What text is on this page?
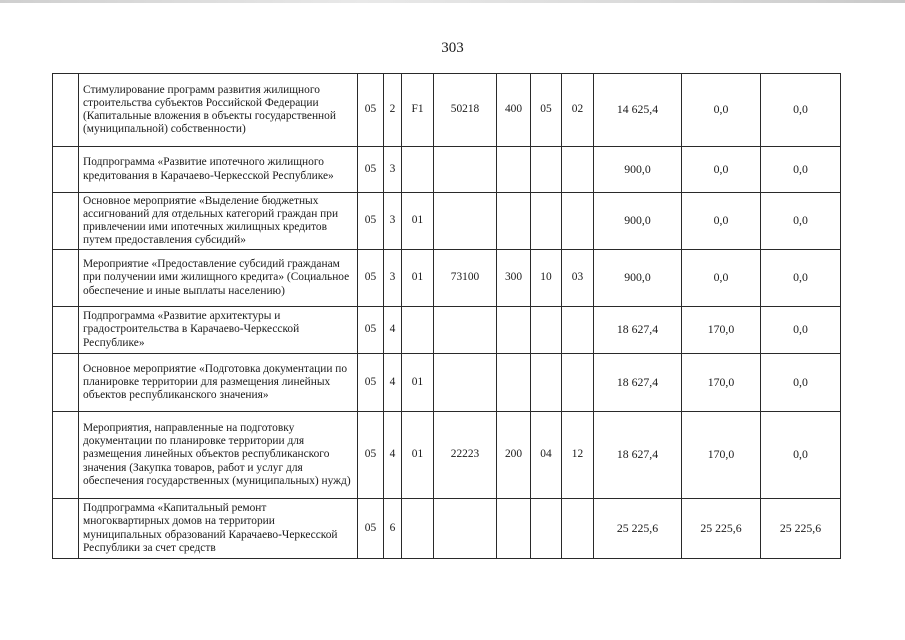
303
	Стимулирование программ развития жилищного строительства субъектов Российской Федерации (Капитальные вложения в объекты государственной (муниципальной) собственности)	05	2	F1	50218	400	05	02	14 625,4	0,0	0,0
	Подпрограмма «Развитие ипотечного жилищного кредитования в Карачаево-Черкесской Республике»	05	3						900,0	0,0	0,0
	Основное мероприятие «Выделение бюджетных ассигнований для отдельных категорий граждан при привлечении ими ипотечных жилищных кредитов путем предоставления субсидий»	05	3	01					900,0	0,0	0,0
	Мероприятие «Предоставление субсидий гражданам при получении ими жилищного кредита» (Социальное обеспечение и иные выплаты населению)	05	3	01	73100	300	10	03	900,0	0,0	0,0
	Подпрограмма «Развитие архитектуры и градостроительства в Карачаево-Черкесской Республике»	05	4						18 627,4	170,0	0,0
	Основное мероприятие «Подготовка документации по планировке территории для размещения линейных объектов республиканского значения»	05	4	01					18 627,4	170,0	0,0
	Мероприятия, направленные на подготовку документации по планировке территории для размещения линейных объектов республиканского значения (Закупка товаров, работ и услуг для обеспечения государственных (муниципальных) нужд)	05	4	01	22223	200	04	12	18 627,4	170,0	0,0
	Подпрограмма «Капитальный ремонт многоквартирных домов на территории муниципальных образований Карачаево-Черкесской Республики за счет средств	05	6						25 225,6	25 225,6	25 225,6
